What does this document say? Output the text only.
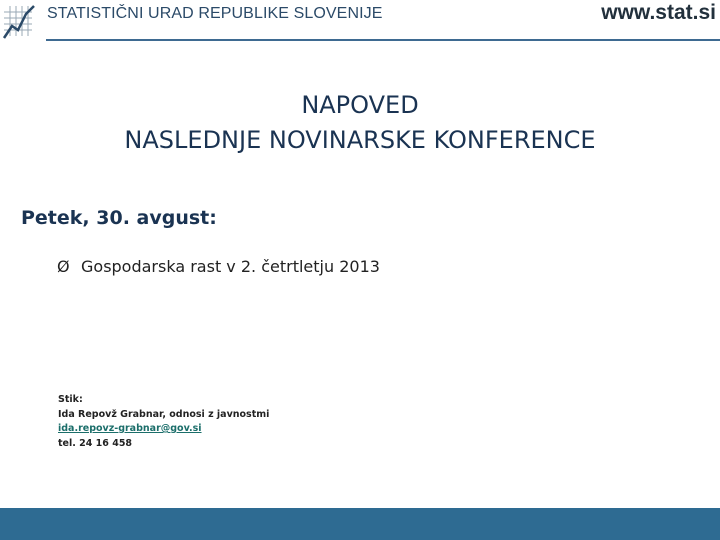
STATISTIČNI URAD REPUBLIKE SLOVENIJE	www.stat.si
NAPOVED
NASLEDNJE NOVINARSKE KONFERENCE
Petek, 30. avgust:
Ø Gospodarska rast v 2. četrtletju 2013
Stik:
Ida Repovž Grabnar, odnosi z javnostmi
ida.repovz-grabnar@gov.si
tel. 24 16 458
